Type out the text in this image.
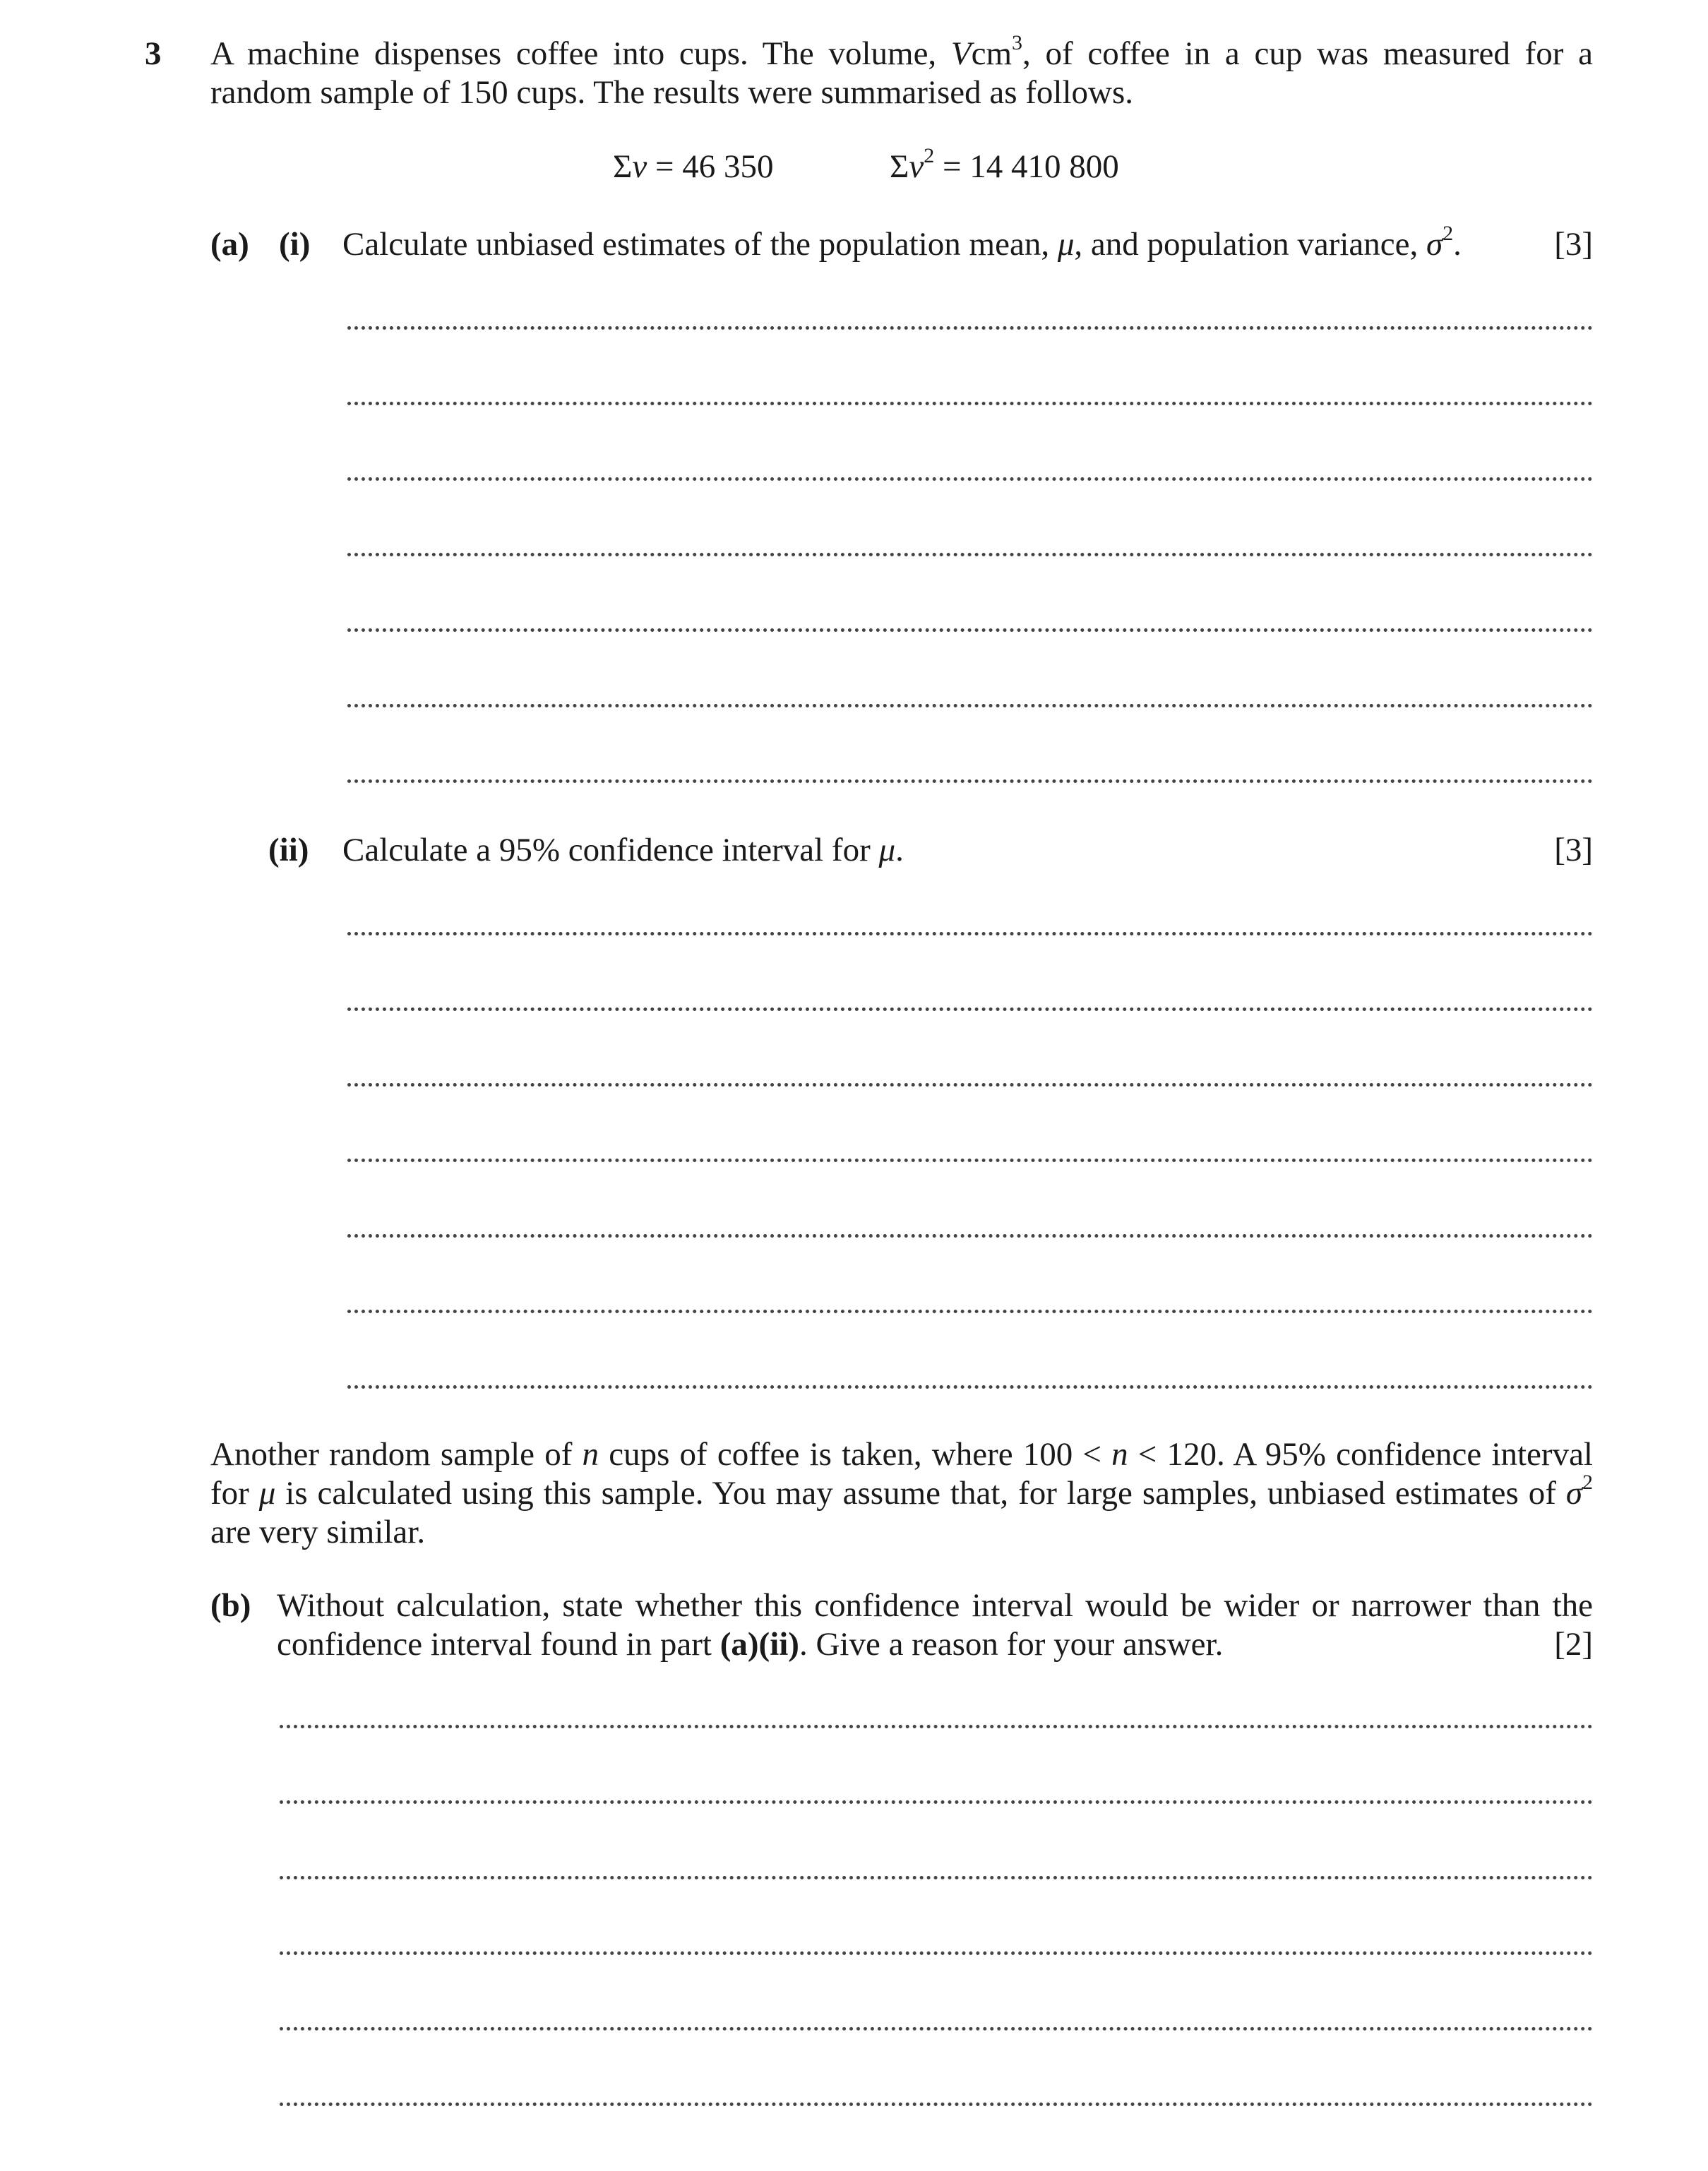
3 A machine dispenses coffee into cups. The volume, Vcm$^3$, of coffee in a cup was measured for a
random sample of 150 cups. The results were summarised as follows.
Σv = 46 350	$\Sigma v^2 = 14$ 410 800
(a) (i) Calculate unbiased estimates of the population mean, μ, and population variance, $\sigma^2$.	[3]
(ii) Calculate a 95% confidence interval for μ.	[3]
Another random sample of n cups of coffee is taken, where 100 < n < 120. A 95% confidence interval
for μ is calculated using this sample. You may assume that, for large samples, unbiased estimates of $\sigma^2$
are very similar.
(b) Without calculation, state whether this confidence interval would be wider or narrower than the
confidence interval found in part (a)(ii). Give a reason for your answer.	[2]
